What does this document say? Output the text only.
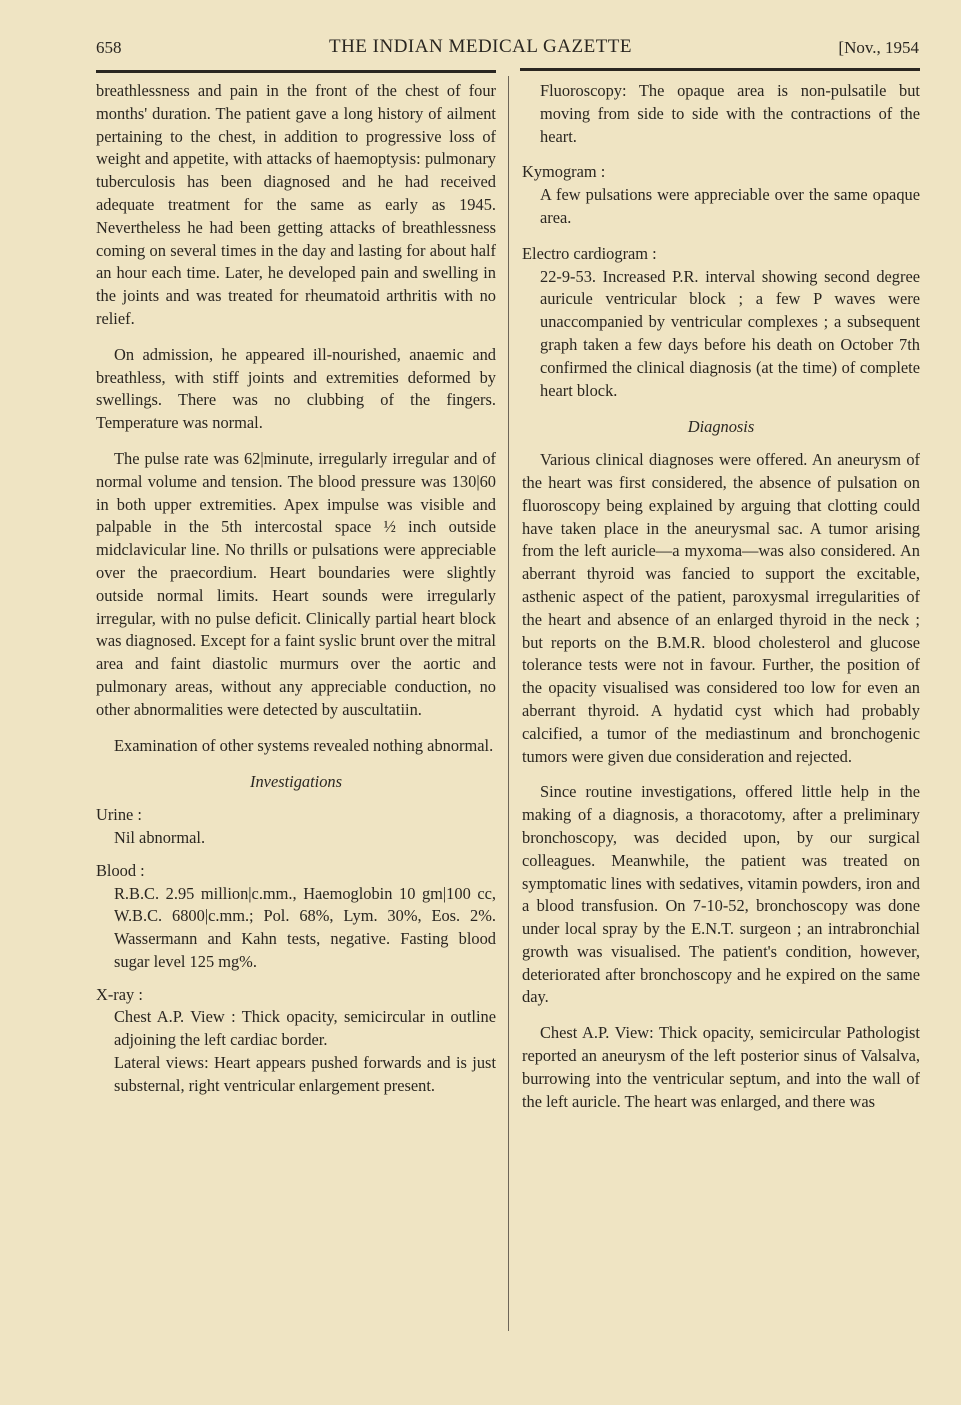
658	THE INDIAN MEDICAL GAZETTE	[Nov., 1954

breathlessness and pain in the front of the chest of four months' duration. The patient gave a long history of ailment pertaining to the chest, in addition to progressive loss of weight and appetite, with attacks of haemoptysis: pulmonary tuberculosis has been diagnosed and he had received adequate treatment for the same as early as 1945. Nevertheless he had been getting attacks of breathlessness coming on several times in the day and lasting for about half an hour each time. Later, he developed pain and swelling in the joints and was treated for rheumatoid arthritis with no relief.

On admission, he appeared ill-nourished, anaemic and breathless, with stiff joints and extremities deformed by swellings. There was no clubbing of the fingers. Temperature was normal.

The pulse rate was 62|minute, irregularly irregular and of normal volume and tension. The blood pressure was 130|60 in both upper extremities. Apex impulse was visible and palpable in the 5th intercostal space ½ inch outside midclavicular line. No thrills or pulsations were appreciable over the praecordium. Heart boundaries were slightly outside normal limits. Heart sounds were irregularly irregular, with no pulse deficit. Clinically partial heart block was diagnosed. Except for a faint syslic brunt over the mitral area and faint diastolic murmurs over the aortic and pulmonary areas, without any appreciable conduction, no other abnormalities were detected by auscultatiin.

Examination of other systems revealed nothing abnormal.

Investigations

Urine :

Nil abnormal.

Blood :

R.B.C. 2.95 million|c.mm., Haemoglobin 10 gm|100 cc, W.B.C. 6800|c.mm.; Pol. 68%, Lym. 30%, Eos. 2%. Wassermann and Kahn tests, negative. Fasting blood sugar level 125 mg%.

X-ray :

Chest A.P. View : Thick opacity, semicircular in outline adjoining the left cardiac border.

Lateral views: Heart appears pushed forwards and is just substernal, right ventricular enlargement present.

Fluoroscopy: The opaque area is non-pulsatile but moving from side to side with the contractions of the heart.

Kymogram :

A few pulsations were appreciable over the same opaque area.

Electro cardiogram :

22-9-53. Increased P.R. interval showing second degree auricule ventricular block ; a few P waves were unaccompanied by ventricular complexes ; a subsequent graph taken a few days before his death on October 7th confirmed the clinical diagnosis (at the time) of complete heart block.

Diagnosis

Various clinical diagnoses were offered. An aneurysm of the heart was first considered, the absence of pulsation on fluoroscopy being explained by arguing that clotting could have taken place in the aneurysmal sac. A tumor arising from the left auricle—a myxoma—was also considered. An aberrant thyroid was fancied to support the excitable, asthenic aspect of the patient, paroxysmal irregularities of the heart and absence of an enlarged thyroid in the neck ; but reports on the B.M.R. blood cholesterol and glucose tolerance tests were not in favour. Further, the position of the opacity visualised was considered too low for even an aberrant thyroid. A hydatid cyst which had probably calcified, a tumor of the mediastinum and bronchogenic tumors were given due consideration and rejected.

Since routine investigations, offered little help in the making of a diagnosis, a thoracotomy, after a preliminary bronchoscopy, was decided upon, by our surgical colleagues. Meanwhile, the patient was treated on symptomatic lines with sedatives, vitamin powders, iron and a blood transfusion. On 7-10-52, bronchoscopy was done under local spray by the E.N.T. surgeon ; an intrabronchial growth was visualised. The patient's condition, however, deteriorated after bronchoscopy and he expired on the same day.

Chest A.P. View: Thick opacity, semicircular Pathologist reported an aneurysm of the left posterior sinus of Valsalva, burrowing into the ventricular septum, and into the wall of the left auricle. The heart was enlarged, and there was
